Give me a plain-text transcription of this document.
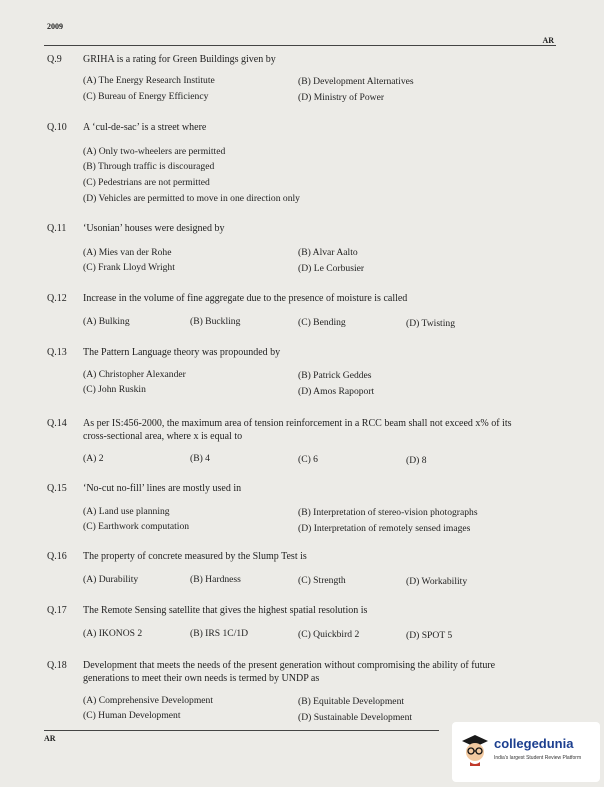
2009
AR
Q.9 GRIHA is a rating for Green Buildings given by
(A) The Energy Research Institute	(B) Development Alternatives
(C) Bureau of Energy Efficiency	(D) Ministry of Power
Q.10 A ‘cul-de-sac’ is a street where
(A) Only two-wheelers are permitted
(B) Through traffic is discouraged
(C) Pedestrians are not permitted
(D) Vehicles are permitted to move in one direction only
Q.11 ‘Usonian’ houses were designed by
(A) Mies van der Rohe	(B) Alvar Aalto
(C) Frank Lloyd Wright	(D) Le Corbusier
Q.12 Increase in the volume of fine aggregate due to the presence of moisture is called
(A) Bulking	(B) Buckling	(C) Bending	(D) Twisting
Q.13 The Pattern Language theory was propounded by
(A) Christopher Alexander	(B) Patrick Geddes
(C) John Ruskin	(D) Amos Rapoport
Q.14 As per IS:456-2000, the maximum area of tension reinforcement in a RCC beam shall not exceed x% of its cross-sectional area, where x is equal to
(A) 2	(B) 4	(C) 6	(D) 8
Q.15 ‘No-cut no-fill’ lines are mostly used in
(A) Land use planning	(B) Interpretation of stereo-vision photographs
(C) Earthwork computation	(D) Interpretation of remotely sensed images
Q.16 The property of concrete measured by the Slump Test is
(A) Durability	(B) Hardness	(C) Strength	(D) Workability
Q.17 The Remote Sensing satellite that gives the highest spatial resolution is
(A) IKONOS 2	(B) IRS 1C/1D	(C) Quickbird 2	(D) SPOT 5
Q.18 Development that meets the needs of the present generation without compromising the ability of future generations to meet their own needs is termed by UNDP as
(A) Comprehensive Development	(B) Equitable Development
(C) Human Development	(D) Sustainable Development
AR	collegedunia
India's largest Student Review Platform
